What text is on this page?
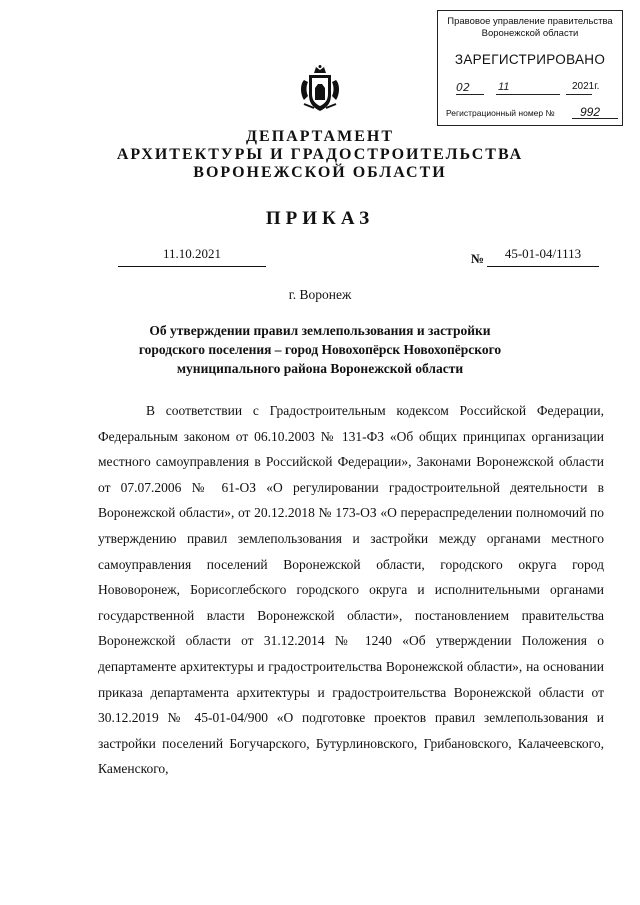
Правовое управление правительства
Воронежской области
ЗАРЕГИСТРИРОВАНО
02	11	2021г.
Регистрационный номер № 992
ДЕПАРТАМЕНТ
АРХИТЕКТУРЫ И ГРАДОСТРОИТЕЛЬСТВА
ВОРОНЕЖСКОЙ ОБЛАСТИ
ПРИКАЗ
11.10.2021	№	45-01-04/1113
г. Воронеж
Об утверждении правил землепользования и застройки
городского поселения – город Новохопёрск Новохопёрского
муниципального района Воронежской области

В соответствии с Градостроительным кодексом Российской Федерации, Федеральным законом от 06.10.2003 № 131-ФЗ «Об общих принципах организации местного самоуправления в Российской Федерации», Законами Воронежской области от 07.07.2006 № 61-ОЗ «О регулировании градостроительной деятельности в Воронежской области», от 20.12.2018 № 173-ОЗ «О перераспределении полномочий по утверждению правил землепользования и застройки между органами местного самоуправления поселений Воронежской области, городского округа город Нововоронеж, Борисоглебского городского округа и исполнительными органами государственной власти Воронежской области», постановлением правительства Воронежской области от 31.12.2014 № 1240 «Об утверждении Положения о департаменте архитектуры и градостроительства Воронежской области», на основании приказа департамента архитектуры и градостроительства Воронежской области от 30.12.2019 № 45-01-04/900 «О подготовке проектов правил землепользования и застройки поселений Богучарского, Бутурлиновского, Грибановского, Калачеевского, Каменского,
